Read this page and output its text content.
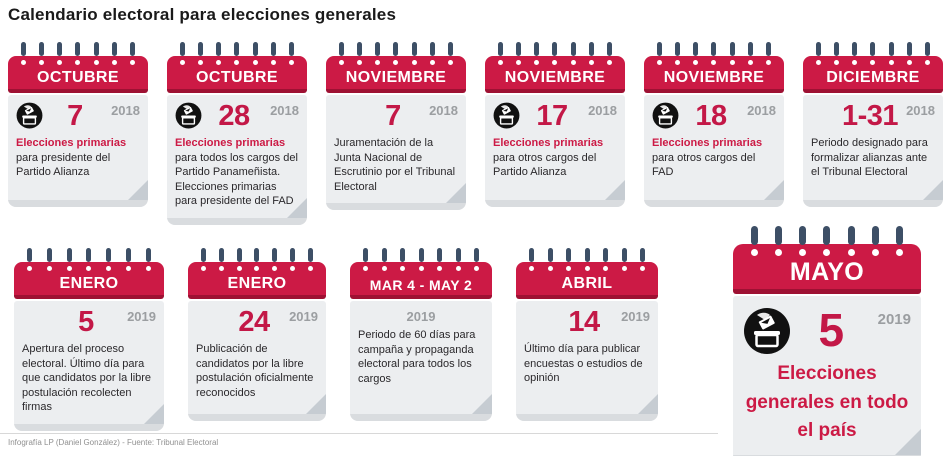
Calendario electoral para elecciones generales
OCTUBRE
7	2018
Elecciones primarias para presidente del Partido Alianza
OCTUBRE
28	2018
Elecciones primarias para todos los cargos del Partido Panameñista. Elecciones primarias para presidente del FAD
NOVIEMBRE
7	2018
Juramentación de la Junta Nacional de Escrutinio por el Tribunal Electoral
NOVIEMBRE
17	2018
Elecciones primarias para otros cargos del Partido Alianza
NOVIEMBRE
18	2018
Elecciones primarias para otros cargos del FAD
DICIEMBRE
1-31 2018
Periodo designado para formalizar alianzas ante el Tribunal Electoral
ENERO
5	2019
Apertura del proceso electoral. Último día para que candidatos por la libre postulación recolecten firmas
ENERO
24	2019
Publicación de candidatos por la libre postulación oficialmente reconocidos
MAR 4 - MAY 2
2019
Periodo de 60 días para campaña y propaganda electoral para todos los cargos
ABRIL
14	2019
Último día para publicar encuestas o estudios de opinión
MAYO
5	2019
Elecciones generales en todo el país
Infografía LP (Daniel González) - Fuente: Tribunal Electoral
